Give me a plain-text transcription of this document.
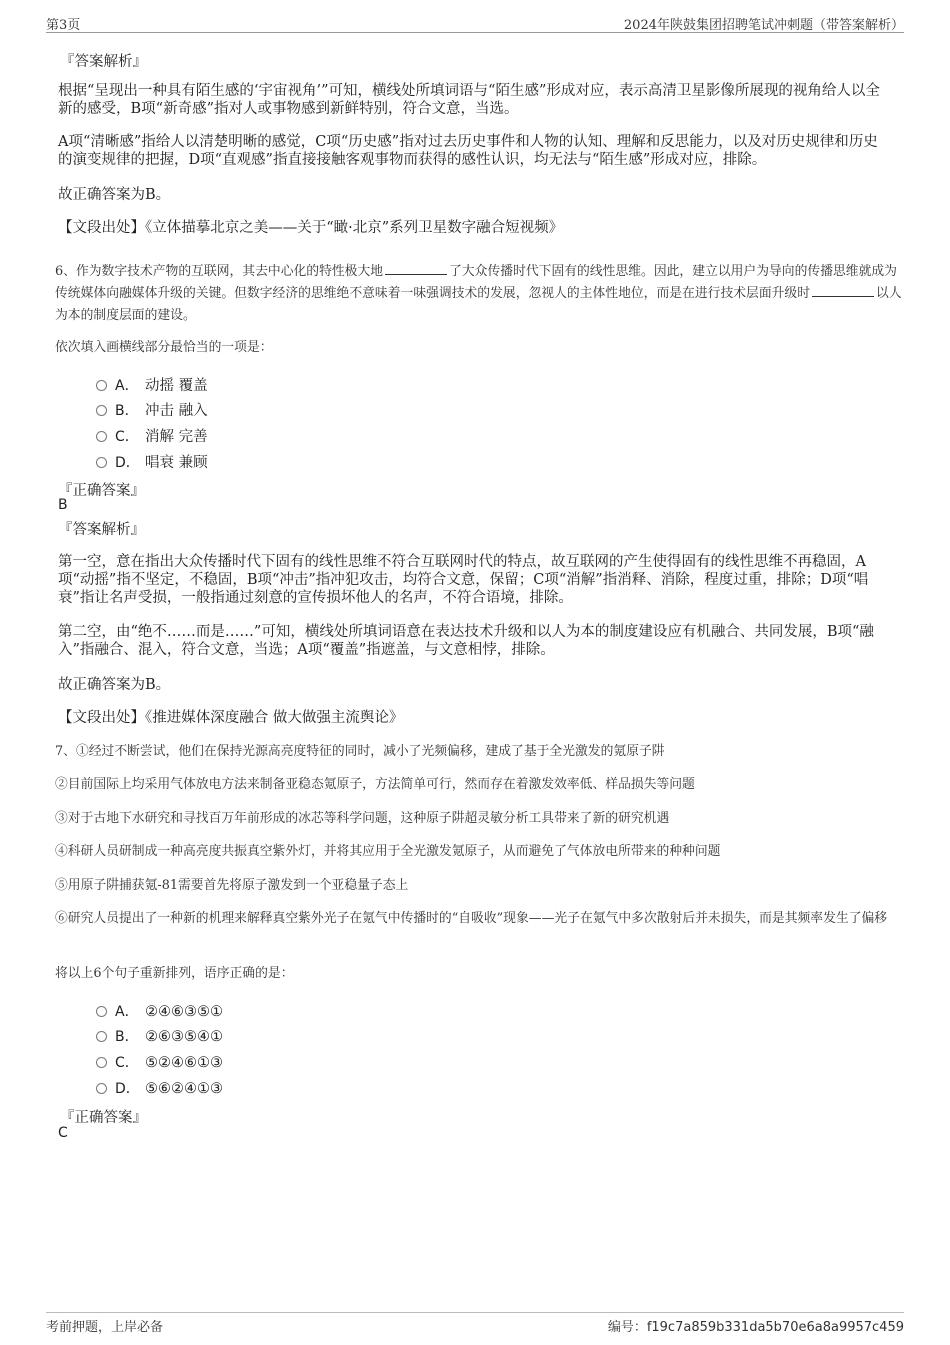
第3页	2024年陕鼓集团招聘笔试冲刺题（带答案解析）
『答案解析』
根据“呈现出一种具有陌生感的‘宇宙视角’”可知，横线处所填词语与“陌生感”形成对应，表示高清卫星影像所展现的视角给人以全新的感受，B项“新奇感”指对人或事物感到新鲜特别，符合文意，当选。
A项“清晰感”指给人以清楚明晰的感觉，C项“历史感”指对过去历史事件和人物的认知、理解和反思能力，以及对历史规律和历史的演变规律的把握，D项“直观感”指直接接触客观事物而获得的感性认识，均无法与“陌生感”形成对应，排除。
故正确答案为B。
【文段出处】《立体描摹北京之美——关于“瞰·北京”系列卫星数字融合短视频》
6、作为数字技术产物的互联网，其去中心化的特性极大地	了大众传播时代下固有的线性思维。因此，建立以用户为导向的传播思维就成为传统媒体向融媒体升级的关键。但数字经济的思维绝不意味着一味强调技术的发展，忽视人的主体性地位，而是在进行技术层面升级时	以人为本的制度层面的建设。
依次填入画横线部分最恰当的一项是：
A． 动摇 覆盖
B． 冲击 融入
C． 消解 完善
D． 唱衰 兼顾
『正确答案』
B
『答案解析』
第一空，意在指出大众传播时代下固有的线性思维不符合互联网时代的特点，故互联网的产生使得固有的线性思维不再稳固，A项“动摇”指不坚定，不稳固，B项“冲击”指冲犯攻击，均符合文意，保留；C项“消解”指消释、消除，程度过重，排除；D项“唱衰”指让名声受损，一般指通过刻意的宣传损坏他人的名声，不符合语境，排除。
第二空，由“绝不……而是……”可知，横线处所填词语意在表达技术升级和以人为本的制度建设应有机融合、共同发展，B项“融入”指融合、混入，符合文意，当选；A项“覆盖”指遮盖，与文意相悖，排除。
故正确答案为B。
【文段出处】《推进媒体深度融合 做大做强主流舆论》
7、①经过不断尝试，他们在保持光源高亮度特征的同时，减小了光频偏移，建成了基于全光激发的氪原子阱
②目前国际上均采用气体放电方法来制备亚稳态氪原子，方法简单可行，然而存在着激发效率低、样品损失等问题
③对于古地下水研究和寻找百万年前形成的冰芯等科学问题，这种原子阱超灵敏分析工具带来了新的研究机遇
④科研人员研制成一种高亮度共振真空紫外灯，并将其应用于全光激发氪原子，从而避免了气体放电所带来的种种问题
⑤用原子阱捕获氪-81需要首先将原子激发到一个亚稳量子态上
⑥研究人员提出了一种新的机理来解释真空紫外光子在氪气中传播时的“自吸收”现象——光子在氪气中多次散射后并未损失，而是其频率发生了偏移
将以上6个句子重新排列，语序正确的是：
A． ②④⑥③⑤①
B． ②⑥③⑤④①
C． ⑤②④⑥①③
D． ⑤⑥②④①③
『正确答案』
C
考前押题，上岸必备	编号：f19c7a859b331da5b70e6a8a9957c459
